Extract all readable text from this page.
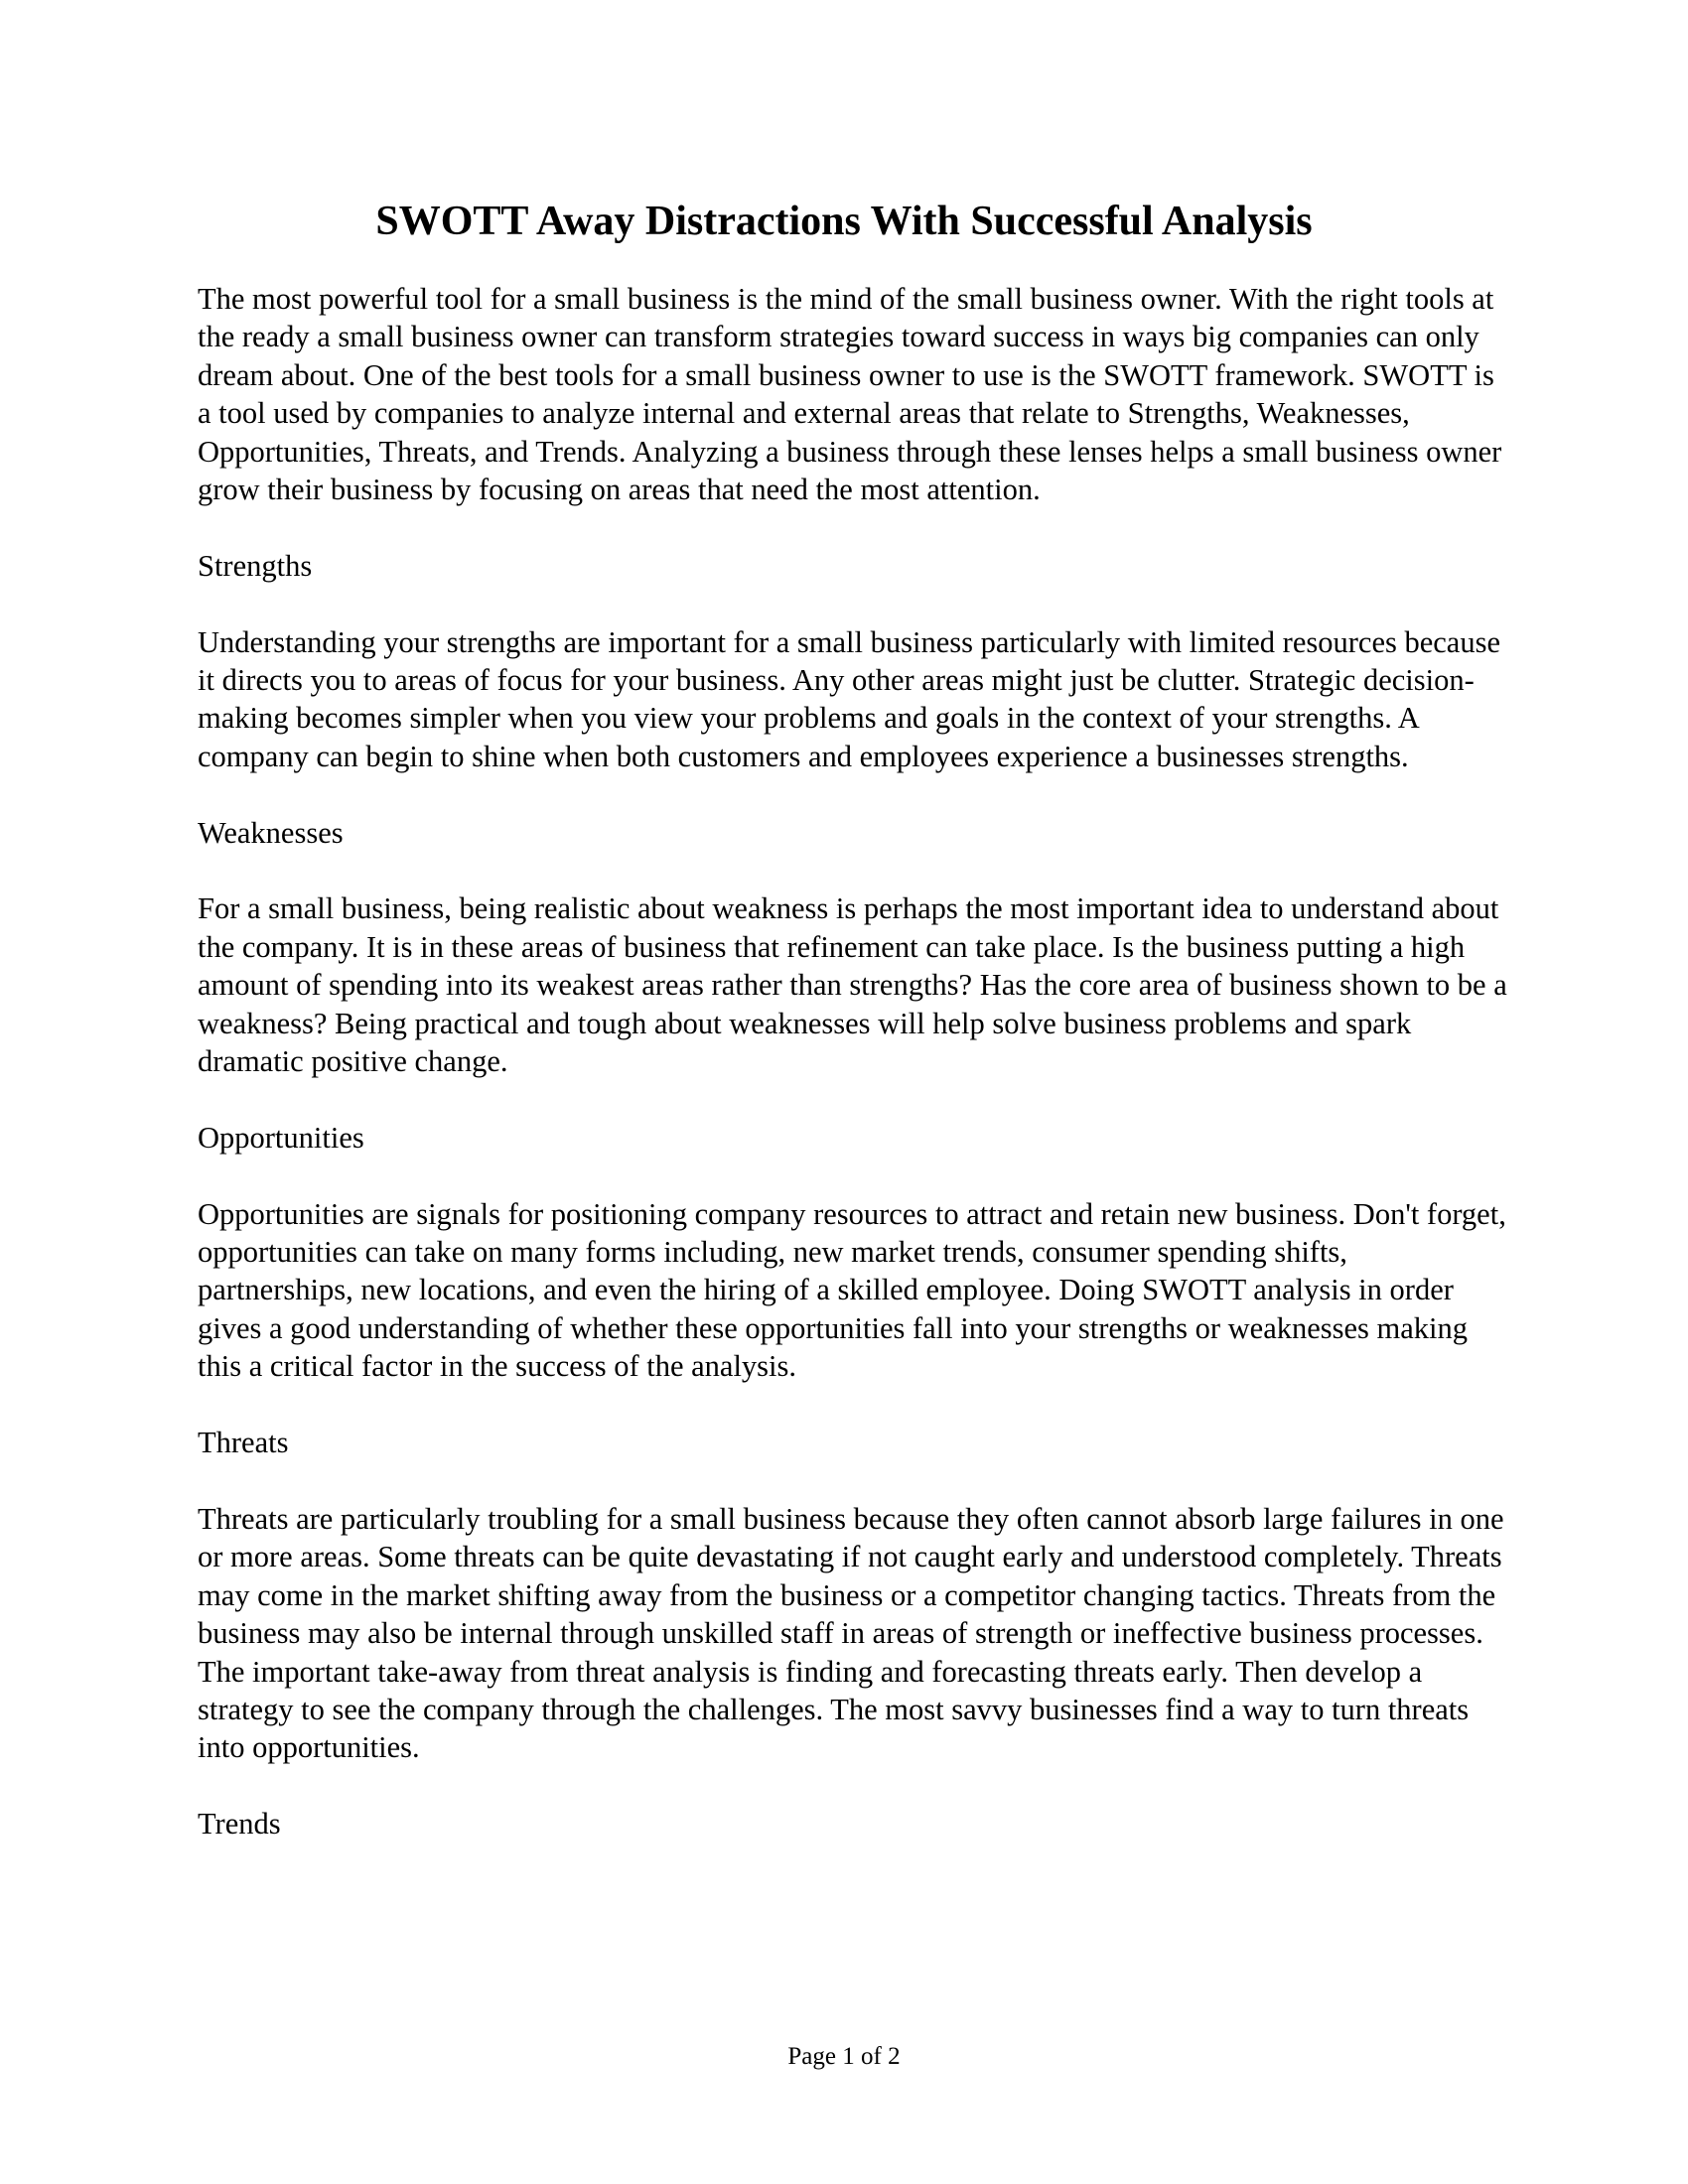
SWOTT Away Distractions With Successful Analysis

The most powerful tool for a small business is the mind of the small business owner. With the right tools at the ready a small business owner can transform strategies toward success in ways big companies can only dream about. One of the best tools for a small business owner to use is the SWOTT framework. SWOTT is a tool used by companies to analyze internal and external areas that relate to Strengths, Weaknesses, Opportunities, Threats, and Trends. Analyzing a business through these lenses helps a small business owner grow their business by focusing on areas that need the most attention.

Strengths

Understanding your strengths are important for a small business particularly with limited resources because it directs you to areas of focus for your business. Any other areas might just be clutter. Strategic decision-making becomes simpler when you view your problems and goals in the context of your strengths. A company can begin to shine when both customers and employees experience a businesses strengths.

Weaknesses

For a small business, being realistic about weakness is perhaps the most important idea to understand about the company. It is in these areas of business that refinement can take place. Is the business putting a high amount of spending into its weakest areas rather than strengths? Has the core area of business shown to be a weakness? Being practical and tough about weaknesses will help solve business problems and spark dramatic positive change.

Opportunities

Opportunities are signals for positioning company resources to attract and retain new business. Don't forget, opportunities can take on many forms including, new market trends, consumer spending shifts, partnerships, new locations, and even the hiring of a skilled employee. Doing SWOTT analysis in order gives a good understanding of whether these opportunities fall into your strengths or weaknesses making this a critical factor in the success of the analysis.

Threats

Threats are particularly troubling for a small business because they often cannot absorb large failures in one or more areas. Some threats can be quite devastating if not caught early and understood completely. Threats may come in the market shifting away from the business or a competitor changing tactics. Threats from the business may also be internal through unskilled staff in areas of strength or ineffective business processes. The important take-away from threat analysis is finding and forecasting threats early. Then develop a strategy to see the company through the challenges. The most savvy businesses find a way to turn threats into opportunities.

Trends

Page 1 of 2
